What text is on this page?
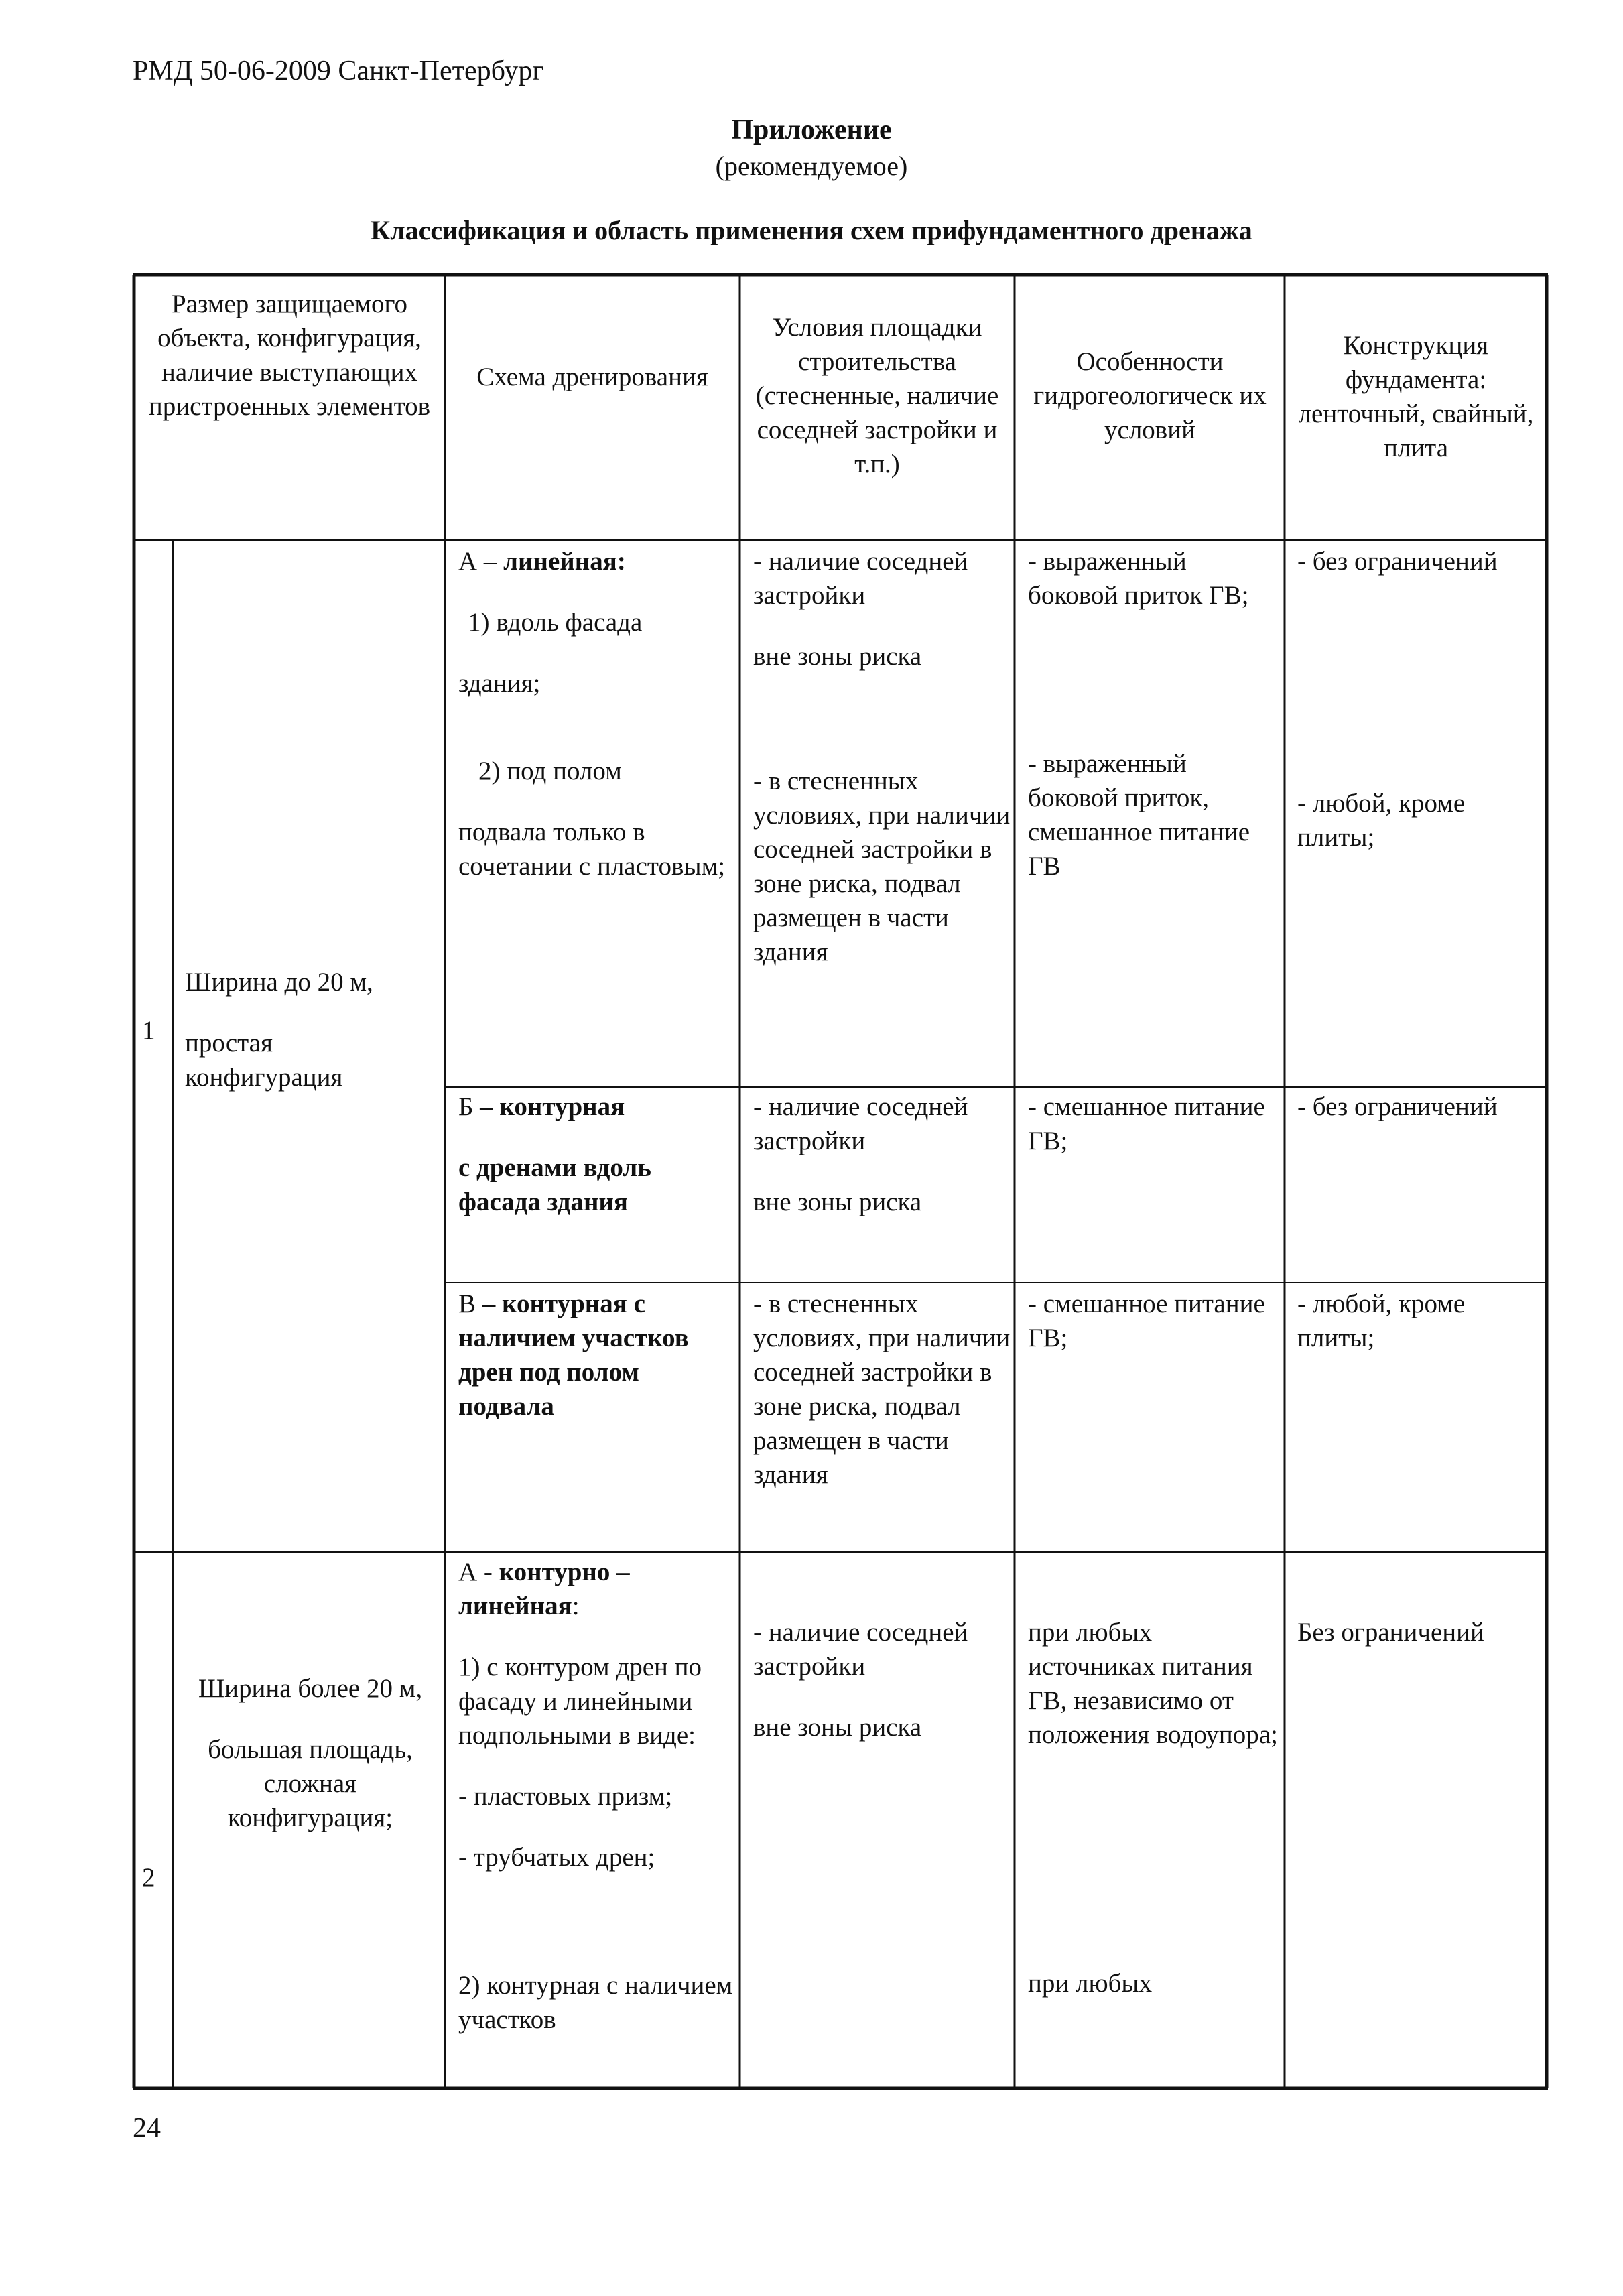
РМД 50-06-2009 Санкт-Петербург
Приложение
(рекомендуемое)
Классификация и область применения схем прифундаментного дренажа
Размер защищаемого объекта, конфигурация, наличие выступающих пристроенных элементов
Схема дренирования
Условия площадки строительства (стесненные, наличие соседней застройки и т.п.)
Особенности гидрогеологическ их условий
Конструкция фундамента: ленточный, свайный, плита
1

Ширина до 20 м,

простая конфигурация

А – линейная:

1) вдоль фасада

здания;

2) под полом

подвала только в сочетании с пластовым;

- наличие соседней застройки

вне зоны риска

- в стесненных условиях, при наличии соседней застройки в зоне риска, подвал размещен в части здания

- выраженный боковой приток ГВ;

- выраженный боковой приток, смешанное питание ГВ

- без ограничений

- любой, кроме плиты;

Б – контурная

с дренами вдоль фасада здания

- наличие соседней застройки

вне зоны риска

- смешанное питание ГВ;
- без ограничений

В – контурная с наличием участков дрен под полом подвала

- в стесненных условиях, при наличии соседней застройки в зоне риска, подвал размещен в части здания
- смешанное питание ГВ;
- любой, кроме плиты;
2

Ширина более 20 м,

большая площадь, сложная конфигурация;

А - контурно – линейная:

1) с контуром дрен по фасаду и линейными подпольными в виде:

- пластовых призм;

- трубчатых дрен;

2) контурная с наличием участков

- наличие соседней застройки

вне зоны риска

при любых источниках питания ГВ, независимо от положения водоупора;

при любых

Без ограничений
24
